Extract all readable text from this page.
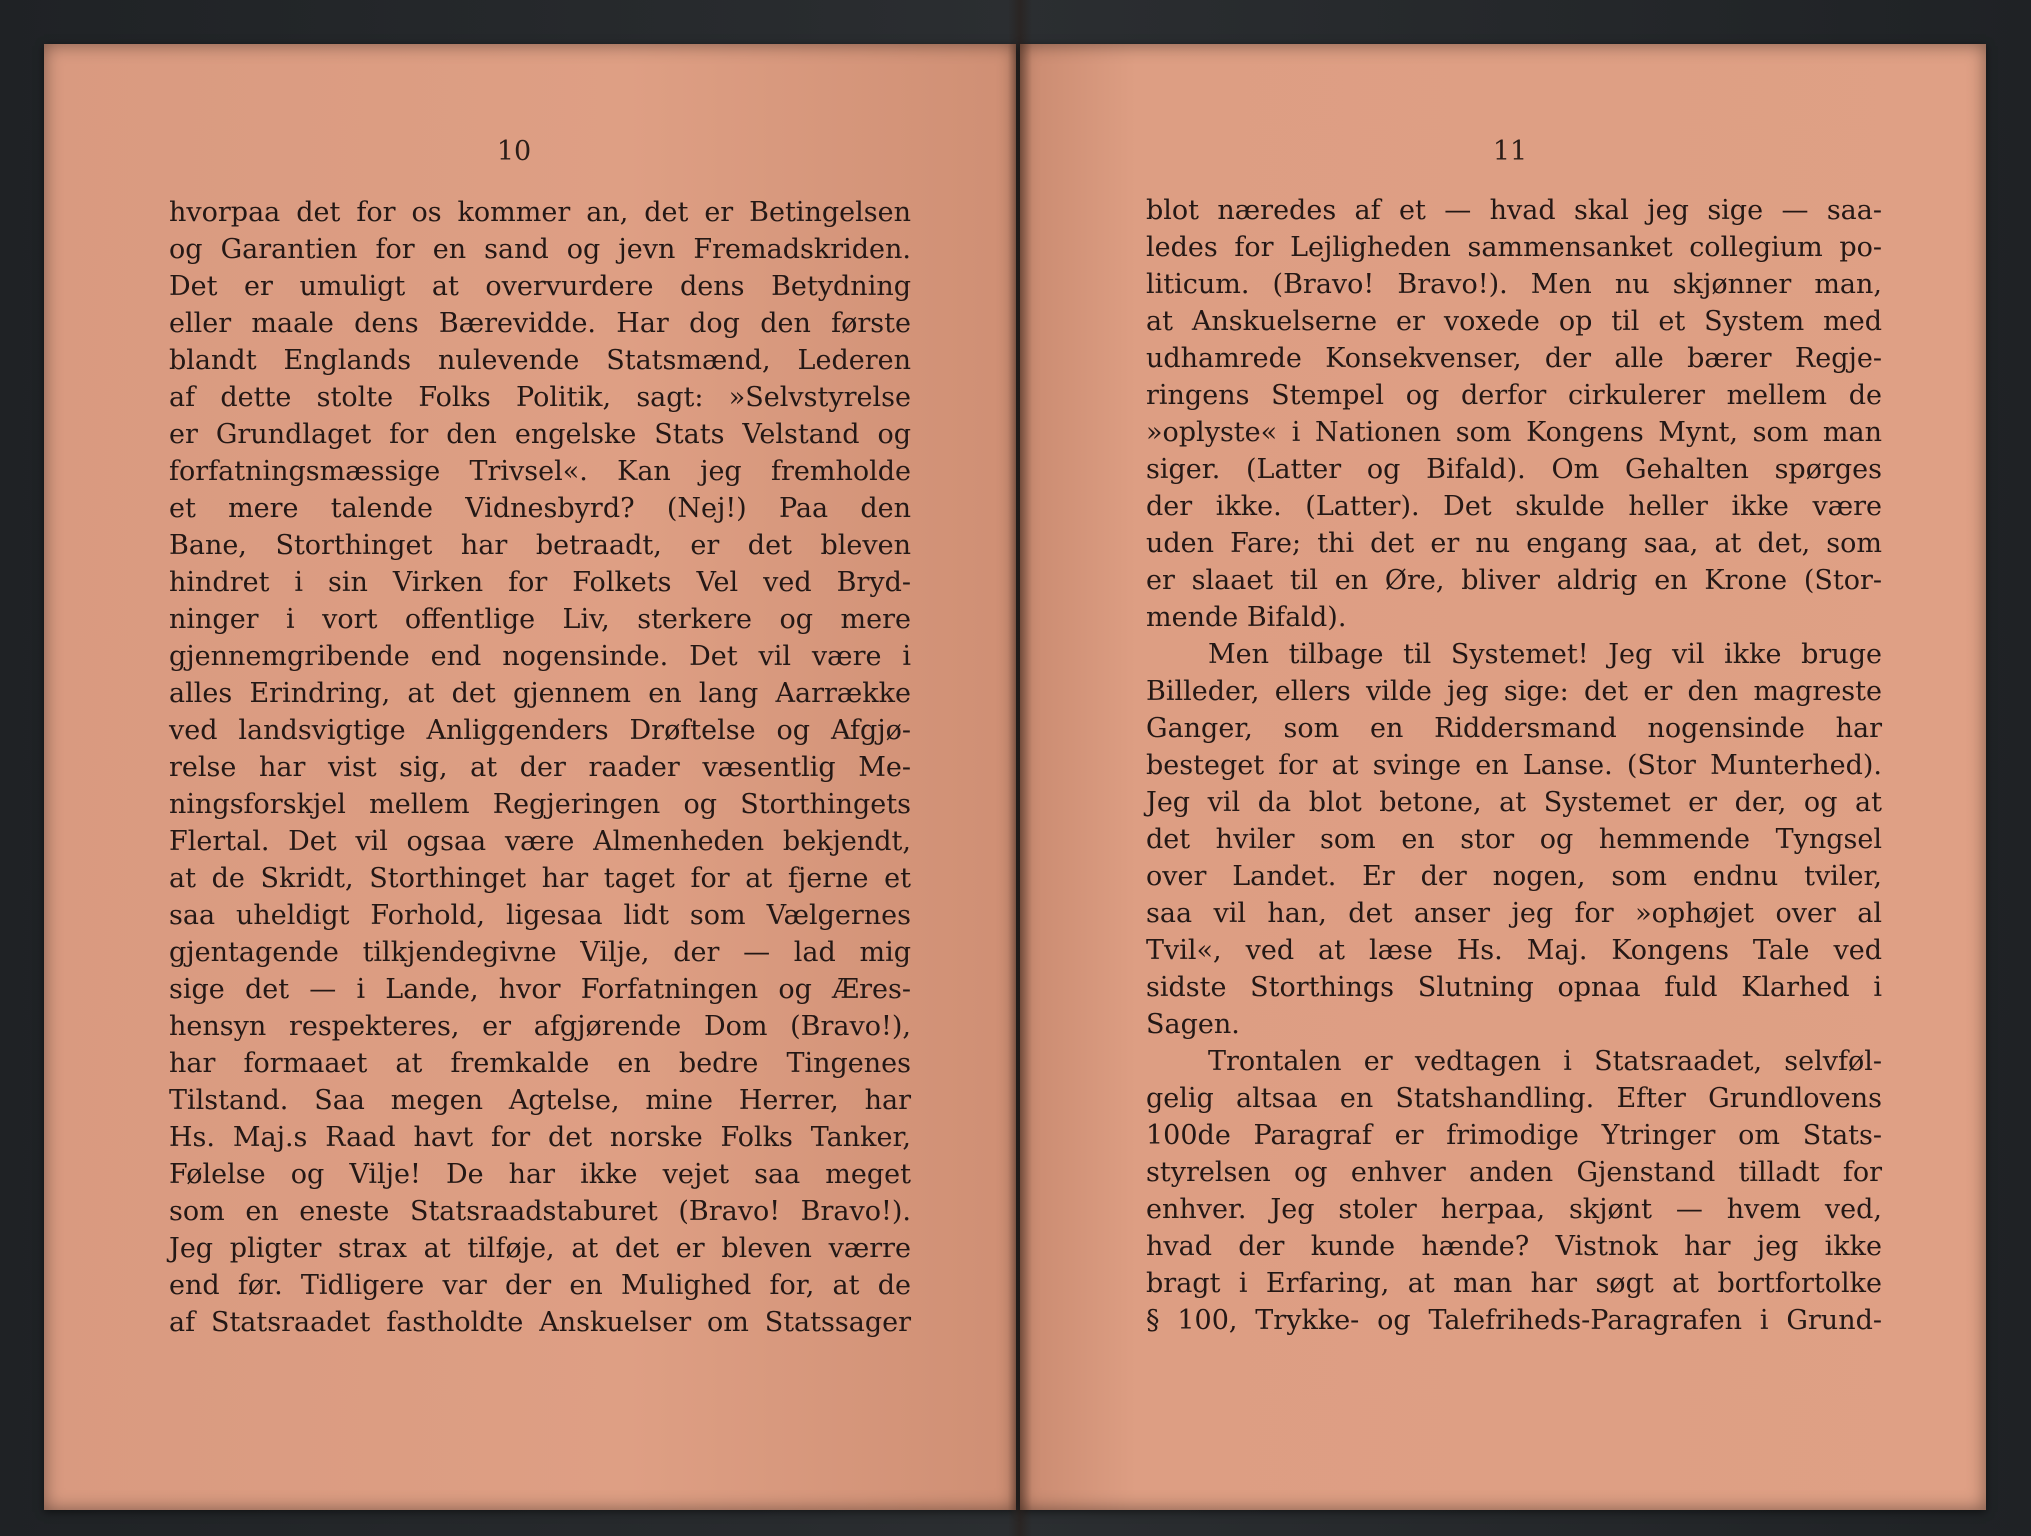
10
hvorpaa det for os kommer an, det er Betingelsen
og Garantien for en sand og jevn Fremadskriden.
Det er umuligt at overvurdere dens Betydning
eller maale dens Bærevidde. Har dog den første
blandt Englands nulevende Statsmænd, Lederen
af dette stolte Folks Politik, sagt: »Selvstyrelse
er Grundlaget for den engelske Stats Velstand og
forfatningsmæssige Trivsel«. Kan jeg fremholde
et mere talende Vidnesbyrd? (Nej!) Paa den
Bane, Storthinget har betraadt, er det bleven
hindret i sin Virken for Folkets Vel ved Bryd-
ninger i vort offentlige Liv, sterkere og mere
gjennemgribende end nogensinde. Det vil være i
alles Erindring, at det gjennem en lang Aarrække
ved landsvigtige Anliggenders Drøftelse og Afgjø-
relse har vist sig, at der raader væsentlig Me-
ningsforskjel mellem Regjeringen og Storthingets
Flertal. Det vil ogsaa være Almenheden bekjendt,
at de Skridt, Storthinget har taget for at fjerne et
saa uheldigt Forhold, ligesaa lidt som Vælgernes
gjentagende tilkjendegivne Vilje, der — lad mig
sige det — i Lande, hvor Forfatningen og Æres-
hensyn respekteres, er afgjørende Dom (Bravo!),
har formaaet at fremkalde en bedre Tingenes
Tilstand. Saa megen Agtelse, mine Herrer, har
Hs. Maj.s Raad havt for det norske Folks Tanker,
Følelse og Vilje! De har ikke vejet saa meget
som en eneste Statsraadstaburet (Bravo! Bravo!).
Jeg pligter strax at tilføje, at det er bleven værre
end før. Tidligere var der en Mulighed for, at de
af Statsraadet fastholdte Anskuelser om Statssager
11
blot næredes af et — hvad skal jeg sige — saa-
ledes for Lejligheden sammensanket collegium po-
liticum. (Bravo! Bravo!). Men nu skjønner man,
at Anskuelserne er voxede op til et System med
udhamrede Konsekvenser, der alle bærer Regje-
ringens Stempel og derfor cirkulerer mellem de
»oplyste« i Nationen som Kongens Mynt, som man
siger. (Latter og Bifald). Om Gehalten spørges
der ikke. (Latter). Det skulde heller ikke være
uden Fare; thi det er nu engang saa, at det, som
er slaaet til en Øre, bliver aldrig en Krone (Stor-
mende Bifald).
Men tilbage til Systemet! Jeg vil ikke bruge
Billeder, ellers vilde jeg sige: det er den magreste
Ganger, som en Riddersmand nogensinde har
besteget for at svinge en Lanse. (Stor Munterhed).
Jeg vil da blot betone, at Systemet er der, og at
det hviler som en stor og hemmende Tyngsel
over Landet. Er der nogen, som endnu tviler,
saa vil han, det anser jeg for »ophøjet over al
Tvil«, ved at læse Hs. Maj. Kongens Tale ved
sidste Storthings Slutning opnaa fuld Klarhed i
Sagen.
Trontalen er vedtagen i Statsraadet, selvføl-
gelig altsaa en Statshandling. Efter Grundlovens
100de Paragraf er frimodige Ytringer om Stats-
styrelsen og enhver anden Gjenstand tilladt for
enhver. Jeg stoler herpaa, skjønt — hvem ved,
hvad der kunde hænde? Vistnok har jeg ikke
bragt i Erfaring, at man har søgt at bortfortolke
§ 100, Trykke- og Talefriheds-Paragrafen i Grund-
